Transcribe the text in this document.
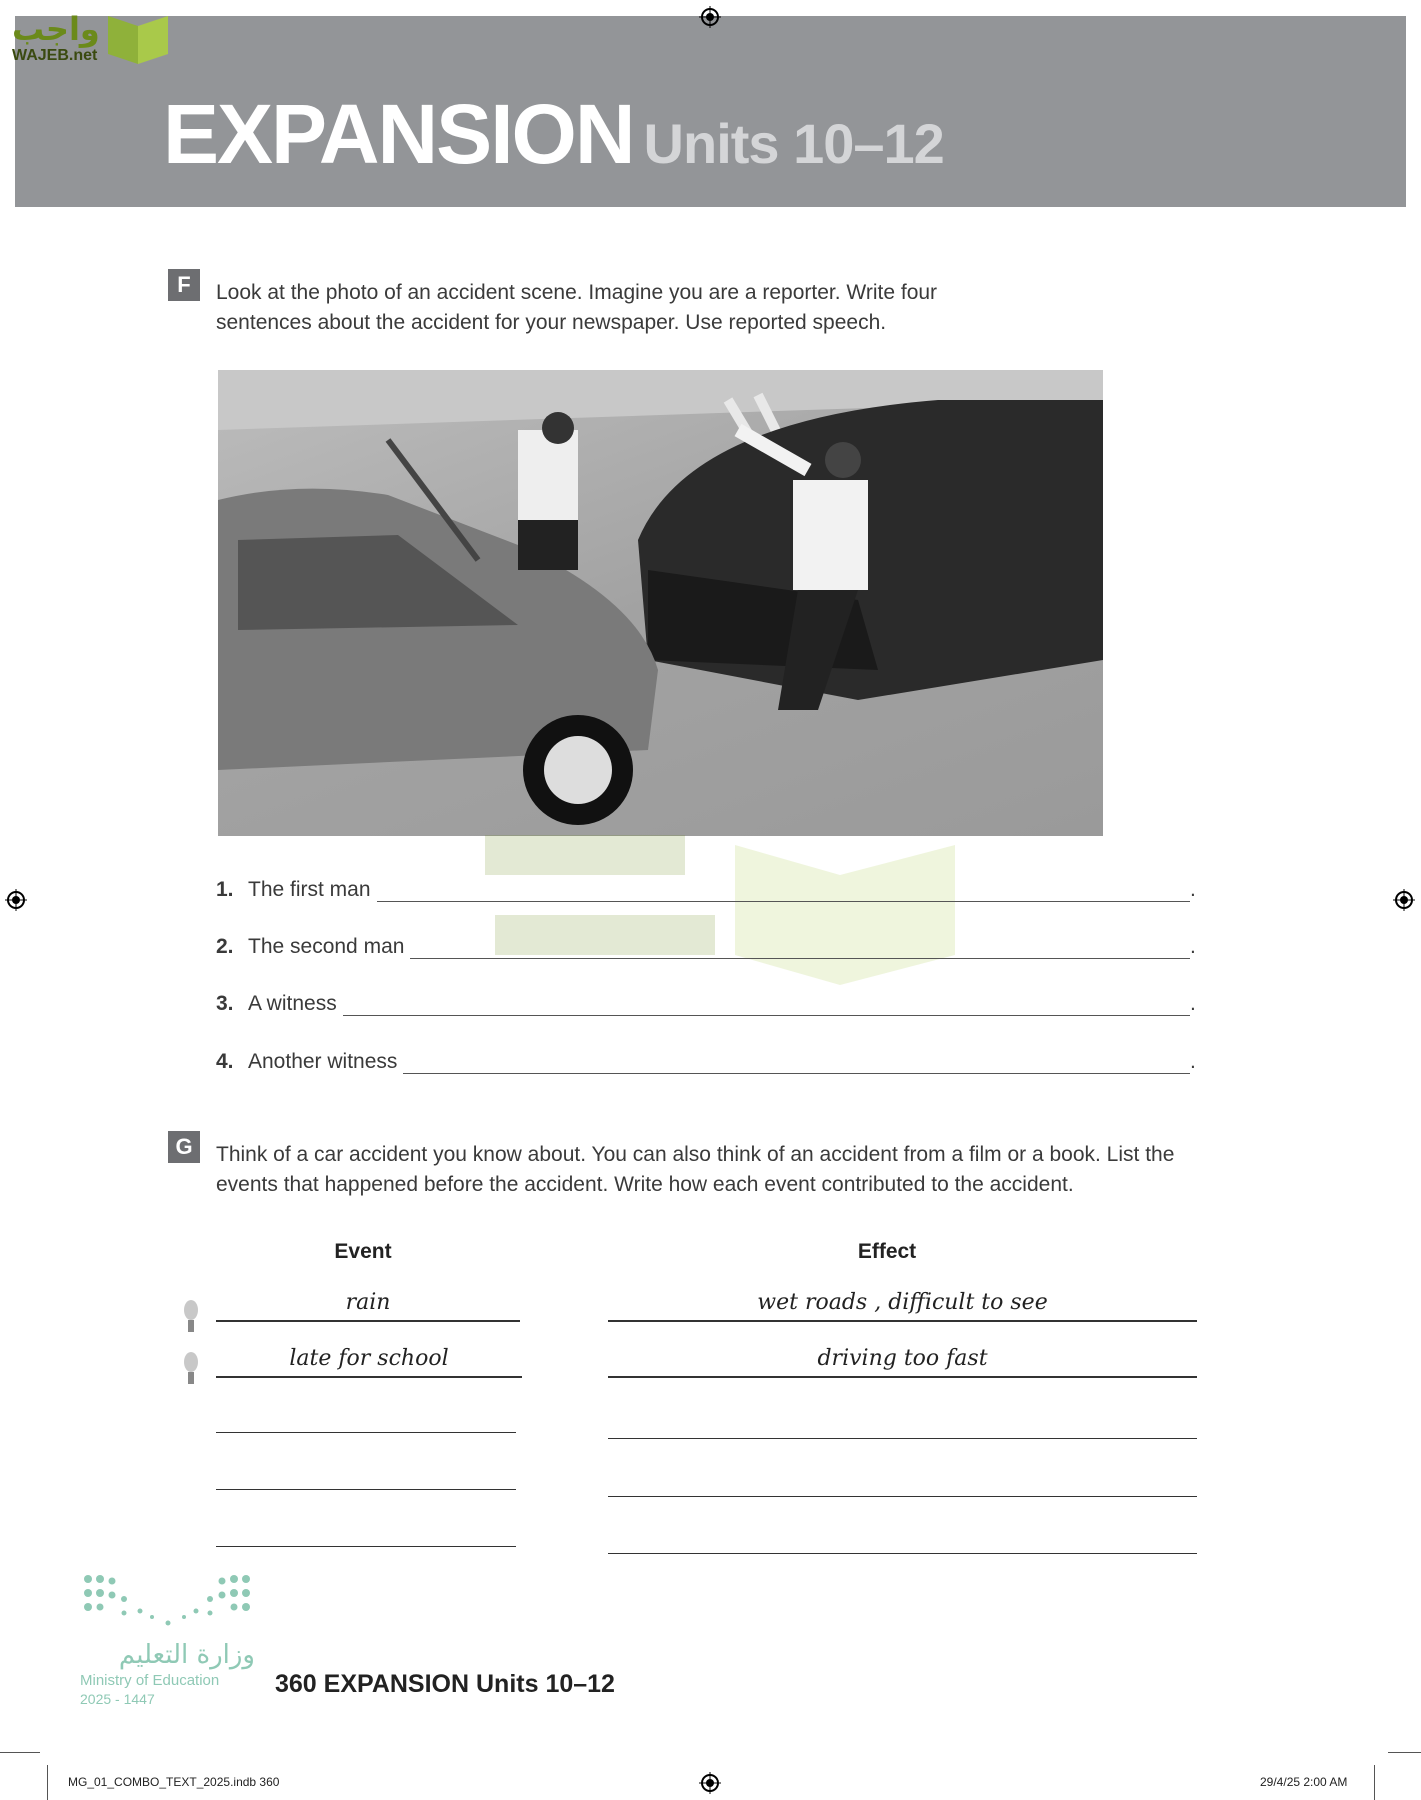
واجب
WAJEB.net
EXPANSION Units 10–12
F	Look at the photo of an accident scene. Imagine you are a reporter. Write four
sentences about the accident for your newspaper. Use reported speech.
1. The first man	.
2. The second man	.
3. A witness	.
4. Another witness	.
G	Think of a car accident you know about. You can also think of an accident from a film or a book. List the
events that happened before the accident. Write how each event contributed to the accident.
Event	Effect
rain	wet roads , difficult to see
late for school	driving too fast
وزارة التعليم
Ministry of Education
2025 - 1447
360 EXPANSION Units 10–12
MG_01_COMBO_TEXT_2025.indb 360	29/4/25 2:00 AM
